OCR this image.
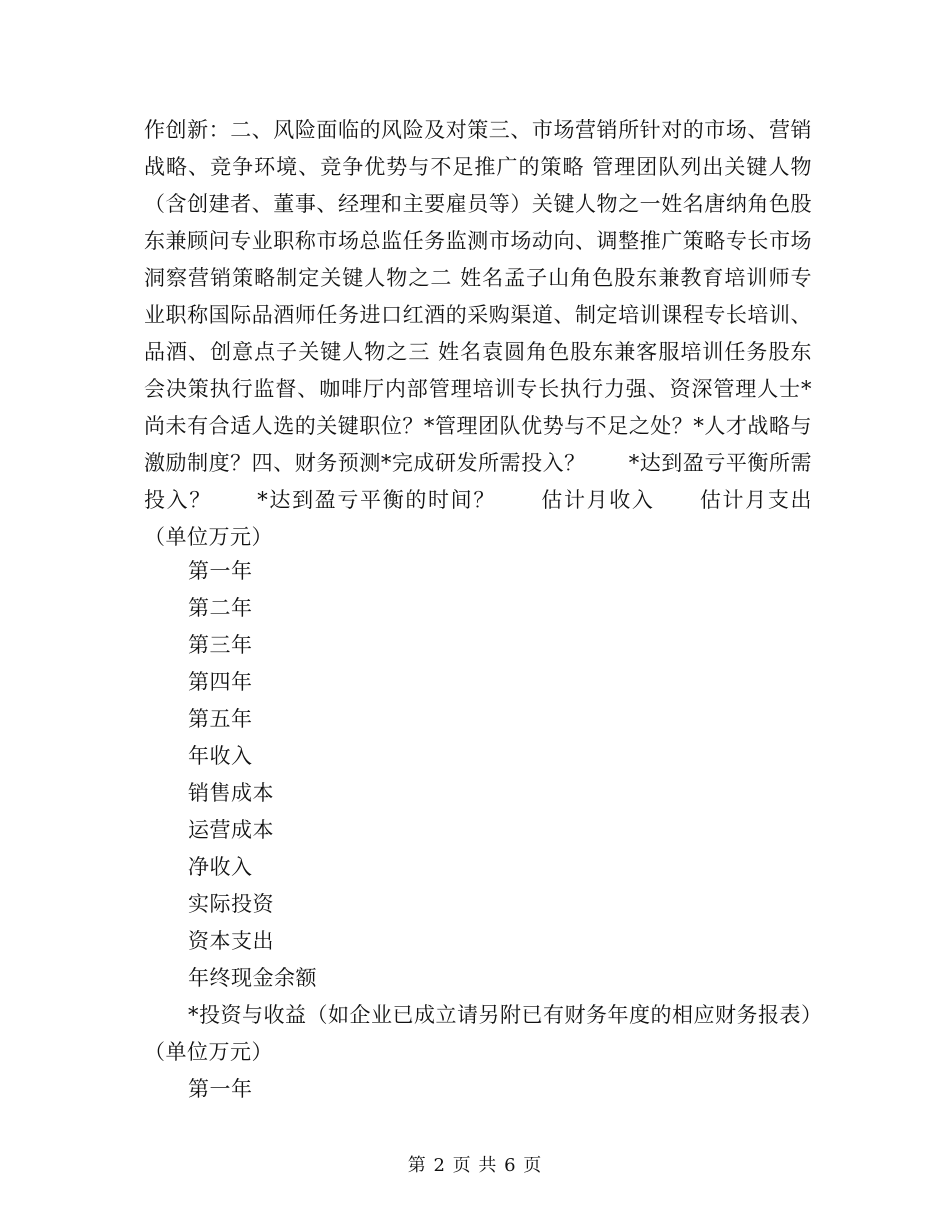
作创新：二、风险面临的风险及对策三、市场营销所针对的市场、营销战略、竞争环境、竞争优势与不足推广的策略 管理团队列出关键人物（含创建者、董事、经理和主要雇员等）关键人物之一姓名唐纳角色股东兼顾问专业职称市场总监任务监测市场动向、调整推广策略专长市场洞察营销策略制定关键人物之二 姓名孟子山角色股东兼教育培训师专业职称国际品酒师任务进口红酒的采购渠道、制定培训课程专长培训、品酒、创意点子关键人物之三 姓名袁圆角色股东兼客服培训任务股东会决策执行监督、咖啡厅内部管理培训专长执行力强、资深管理人士*尚未有合适人选的关键职位？*管理团队优势与不足之处？*人才战略与激励制度？四、财务预测*完成研发所需投入？　　*达到盈亏平衡所需投入？　　*达到盈亏平衡的时间？　　估计月收入　　估计月支出　　（单位万元）

第一年
第二年
第三年
第四年
第五年
年收入
销售成本
运营成本
净收入
实际投资
资本支出
年终现金余额

*投资与收益（如企业已成立请另附已有财务年度的相应财务报表）　（单位万元）

第一年
第 2 页 共 6 页
